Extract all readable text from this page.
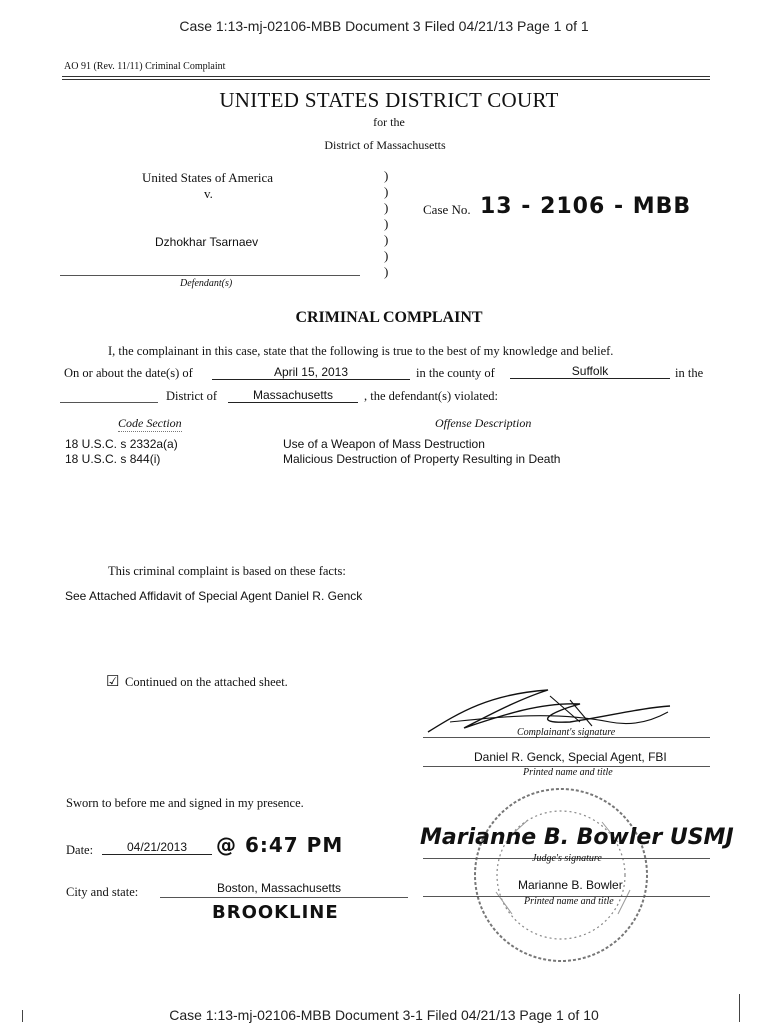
Case 1:13-mj-02106-MBB Document 3 Filed 04/21/13 Page 1 of 1
AO 91 (Rev. 11/11) Criminal Complaint
UNITED STATES DISTRICT COURT
for the
District of Massachusetts
United States of America
v.
Dzhokhar Tsarnaev
Defendant(s)
)
)
)
)
)
)
)
Case No. 13 - 2106 - MBB
CRIMINAL COMPLAINT
I, the complainant in this case, state that the following is true to the best of my knowledge and belief.
On or about the date(s) of	April 15, 2013	in the county of	Suffolk	in the
District of	Massachusetts	, the defendant(s) violated:
Code Section	Offense Description
18 U.S.C. s 2332a(a)	Use of a Weapon of Mass Destruction
18 U.S.C. s 844(i)	Malicious Destruction of Property Resulting in Death
This criminal complaint is based on these facts:
See Attached Affidavit of Special Agent Daniel R. Genck
☑ Continued on the attached sheet.
Complainant's signature
Daniel R. Genck, Special Agent, FBI
Printed name and title
Sworn to before me and signed in my presence.
Date:	04/21/2013	@ 6:47 PM	Marianne B. Bowler USMJ
Judge's signature
City and state:	Boston, Massachusetts
BROOKLINE
Marianne B. Bowler
Printed name and title
Case 1:13-mj-02106-MBB Document 3-1 Filed 04/21/13 Page 1 of 10
